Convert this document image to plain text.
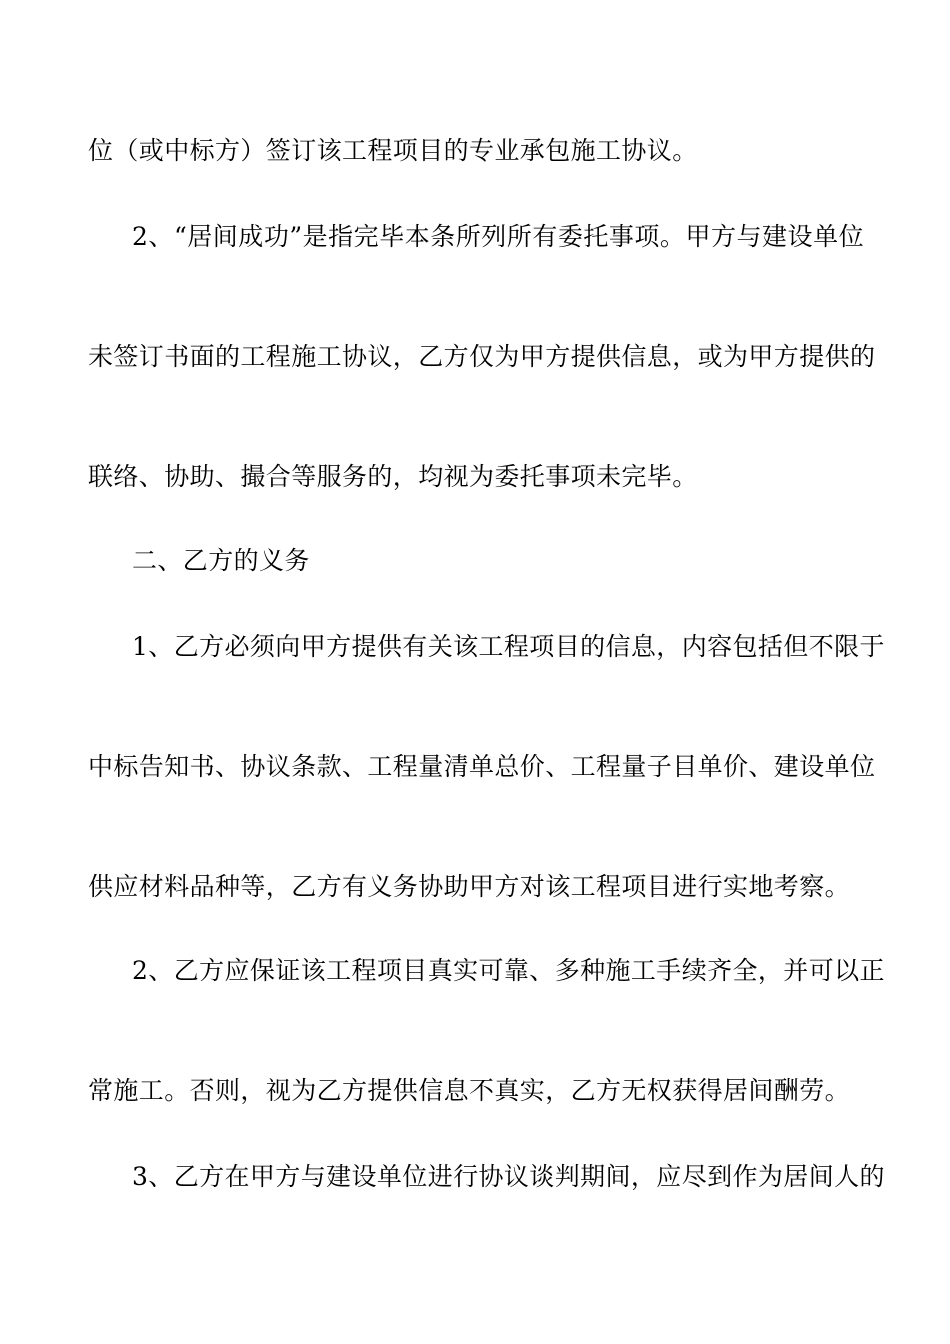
位（或中标方）签订该工程项目的专业承包施工协议。
2、“居间成功”是指完毕本条所列所有委托事项。甲方与建设单位
未签订书面的工程施工协议，乙方仅为甲方提供信息，或为甲方提供的
联络、协助、撮合等服务的，均视为委托事项未完毕。
二、乙方的义务
1、乙方必须向甲方提供有关该工程项目的信息，内容包括但不限于
中标告知书、协议条款、工程量清单总价、工程量子目单价、建设单位
供应材料品种等，乙方有义务协助甲方对该工程项目进行实地考察。
2、乙方应保证该工程项目真实可靠、多种施工手续齐全，并可以正
常施工。否则，视为乙方提供信息不真实，乙方无权获得居间酬劳。
3、乙方在甲方与建设单位进行协议谈判期间，应尽到作为居间人的
